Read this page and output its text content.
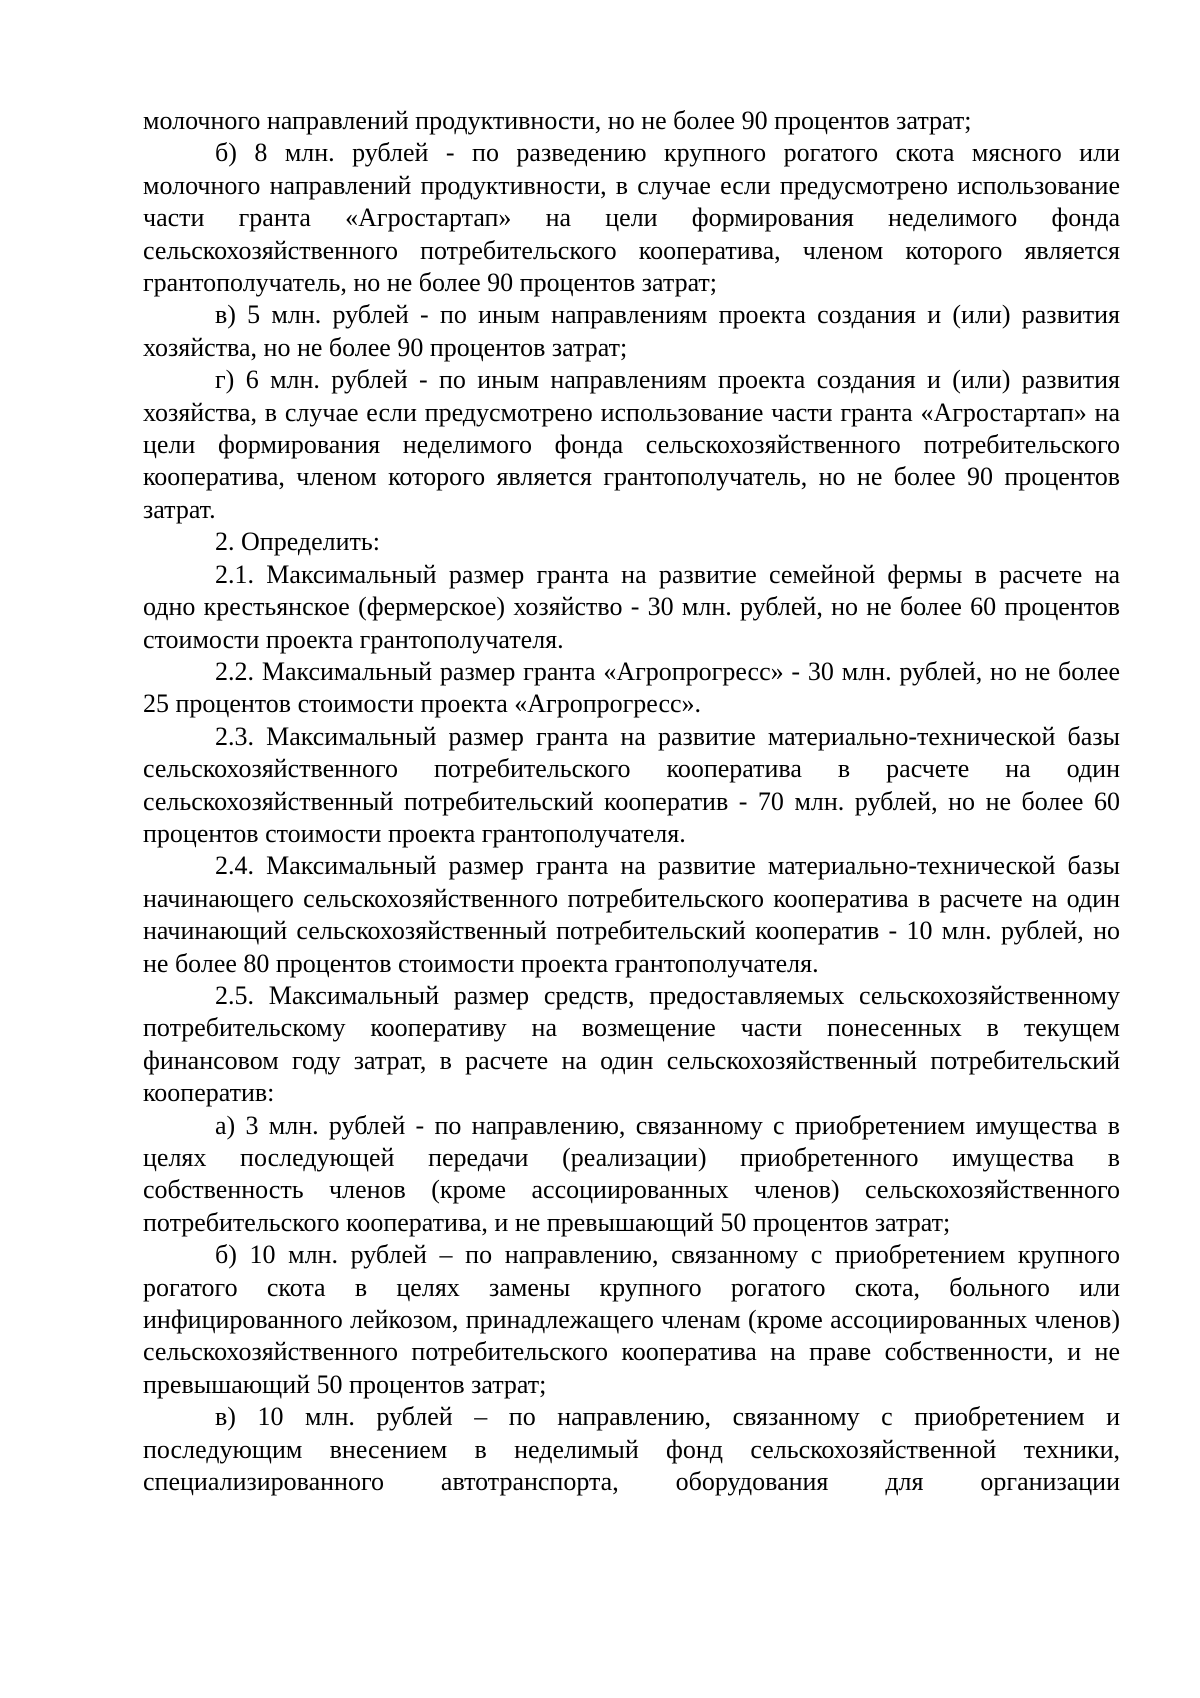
молочного направлений продуктивности, но не более 90 процентов затрат;

б) 8 млн. рублей - по разведению крупного рогатого скота мясного или молочного направлений продуктивности, в случае если предусмотрено использование части гранта «Агростартап» на цели формирования неделимого фонда сельскохозяйственного потребительского кооператива, членом которого является грантополучатель, но не более 90 процентов затрат;

в) 5 млн. рублей - по иным направлениям проекта создания и (или) развития хозяйства, но не более 90 процентов затрат;

г) 6 млн. рублей - по иным направлениям проекта создания и (или) развития хозяйства, в случае если предусмотрено использование части гранта «Агростартап» на цели формирования неделимого фонда сельскохозяйственного потребительского кооператива, членом которого является грантополучатель, но не более 90 процентов затрат.

2. Определить:

2.1. Максимальный размер гранта на развитие семейной фермы в расчете на одно крестьянское (фермерское) хозяйство - 30 млн. рублей, но не более 60 процентов стоимости проекта грантополучателя.

2.2. Максимальный размер гранта «Агропрогресс» - 30 млн. рублей, но не более 25 процентов стоимости проекта «Агропрогресс».

2.3. Максимальный размер гранта на развитие материально-технической базы сельскохозяйственного потребительского кооператива в расчете на один сельскохозяйственный потребительский кооператив - 70 млн. рублей, но не более 60 процентов стоимости проекта грантополучателя.

2.4. Максимальный размер гранта на развитие материально-технической базы начинающего сельскохозяйственного потребительского кооператива в расчете на один начинающий сельскохозяйственный потребительский кооператив - 10 млн. рублей, но не более 80 процентов стоимости проекта грантополучателя.

2.5. Максимальный размер средств, предоставляемых сельскохозяйственному потребительскому кооперативу на возмещение части понесенных в текущем финансовом году затрат, в расчете на один сельскохозяйственный потребительский кооператив:

а) 3 млн. рублей - по направлению, связанному с приобретением имущества в целях последующей передачи (реализации) приобретенного имущества в собственность членов (кроме ассоциированных членов) сельскохозяйственного потребительского кооператива, и не превышающий 50 процентов затрат;

б) 10 млн. рублей – по направлению, связанному с приобретением крупного рогатого скота в целях замены крупного рогатого скота, больного или инфицированного лейкозом, принадлежащего членам (кроме ассоциированных членов) сельскохозяйственного потребительского кооператива на праве собственности, и не превышающий 50 процентов затрат;

в) 10 млн. рублей – по направлению, связанному с приобретением и последующим внесением в неделимый фонд сельскохозяйственной техники, специализированного автотранспорта, оборудования для организации
